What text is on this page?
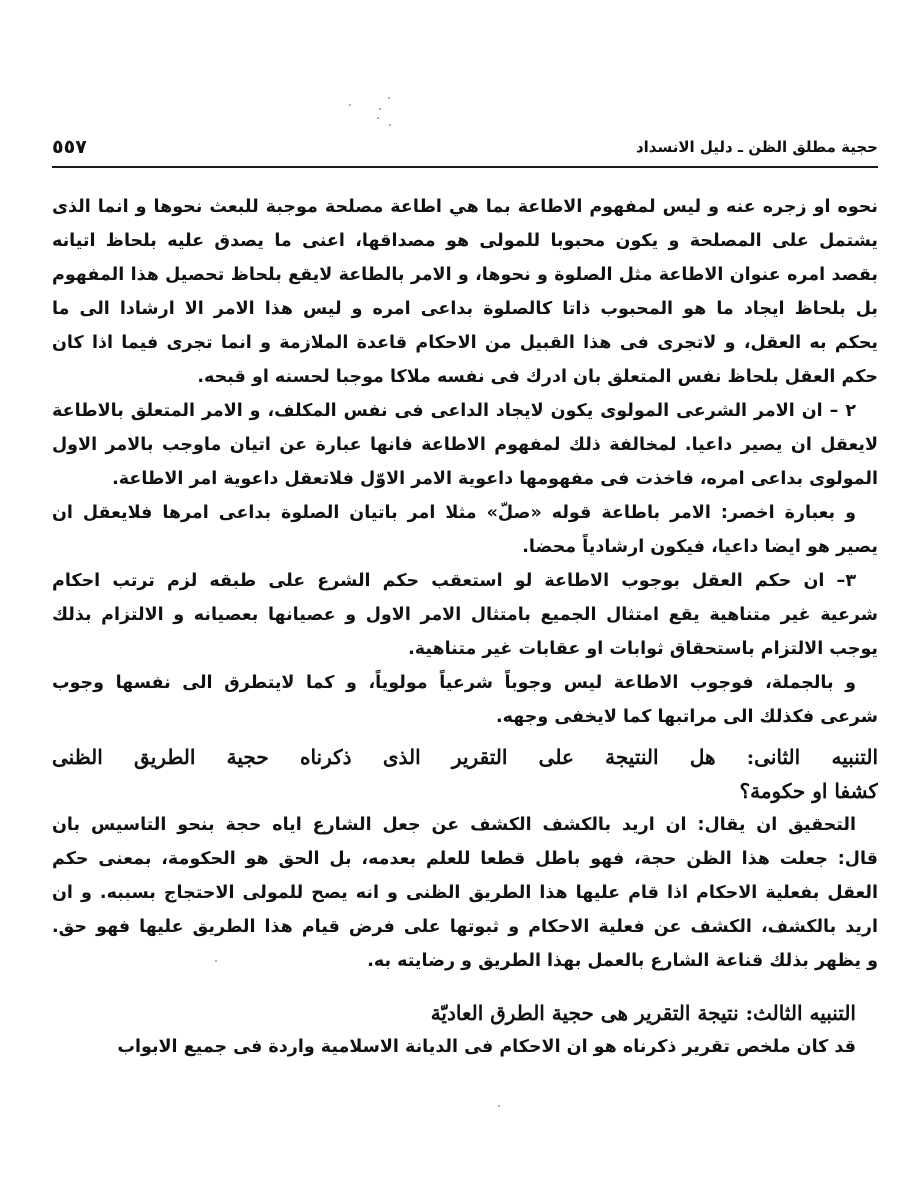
حجية مطلق الظن ـ دليل الانسداد
٥٥٧
نحوه او زجره عنه و ليس لمفهوم الاطاعة بما هي اطاعة مصلحة موجبة للبعث نحوها و انما الذى
يشتمل على المصلحة و يكون محبوبا للمولى هو مصداقها، اعنى ما يصدق عليه بلحاظ اتيانه
بقصد امره عنوان الاطاعة مثل الصلوة و نحوها، و الامر بالطاعة لايقع بلحاظ تحصيل هذا المفهوم
بل بلحاظ ايجاد ما هو المحبوب ذاتا كالصلوة بداعى امره و ليس هذا الامر الا ارشادا الى ما
يحكم به العقل، و لاتجرى فى هذا القبيل من الاحكام قاعدة الملازمة و انما تجرى فيما اذا كان
حكم العقل بلحاظ نفس المتعلق بان ادرك فى نفسه ملاكا موجبا لحسنه او قبحه.
٢ – ان الامر الشرعى المولوى يكون لايجاد الداعى فى نفس المكلف، و الامر المتعلق بالاطاعة
لايعقل ان يصير داعيا. لمخالفة ذلك لمفهوم الاطاعة فانها عبارة عن اتيان ماوجب بالامر الاول
المولوى بداعى امره، فاخذت فى مفهومها داعوية الامر الاوّل فلاتعقل داعوية امر الاطاعة.
و بعبارة اخصر: الامر باطاعة قوله «صلّ» مثلا امر باتيان الصلوة بداعى امرها فلايعقل ان
يصير هو ايضا داعيا، فيكون ارشادياً محضا.
٣– ان حكم العقل بوجوب الاطاعة لو استعقب حكم الشرع على طبقه لزم ترتب احكام
شرعية غير متناهية يقع امتثال الجميع بامتثال الامر الاول و عصيانها بعصيانه و الالتزام بذلك
يوجب الالتزام باستحقاق ثوابات او عقابات غير متناهية.
و بالجملة، فوجوب الاطاعة ليس وجوباً شرعياً مولوياً، و كما لايتطرق الى نفسها وجوب
شرعى فكذلك الى مراتبها كما لايخفى وجهه.
التنبيه الثانى: هل النتيجة على التقرير الذى ذكرناه حجية الطريق الظنى
كشفا او حكومة؟
التحقيق ان يقال: ان اريد بالكشف الكشف عن جعل الشارع اياه حجة بنحو التاسيس بان
قال: جعلت هذا الظن حجة، فهو باطل قطعا للعلم بعدمه، بل الحق هو الحكومة، بمعنى حكم
العقل بفعلية الاحكام اذا قام عليها هذا الطريق الظنى و انه يصح للمولى الاحتجاج بسببه. و ان
اريد بالكشف، الكشف عن فعلية الاحكام و ثبوتها على فرض قيام هذا الطريق عليها فهو حق.
و يظهر بذلك قناعة الشارع بالعمل بهذا الطريق و رضايته به.
التنبيه الثالث: نتيجة التقرير هى حجية الطرق العاديّة
قد كان ملخص تقرير ذكرناه هو ان الاحكام فى الديانة الاسلامية واردة فى جميع الابواب
